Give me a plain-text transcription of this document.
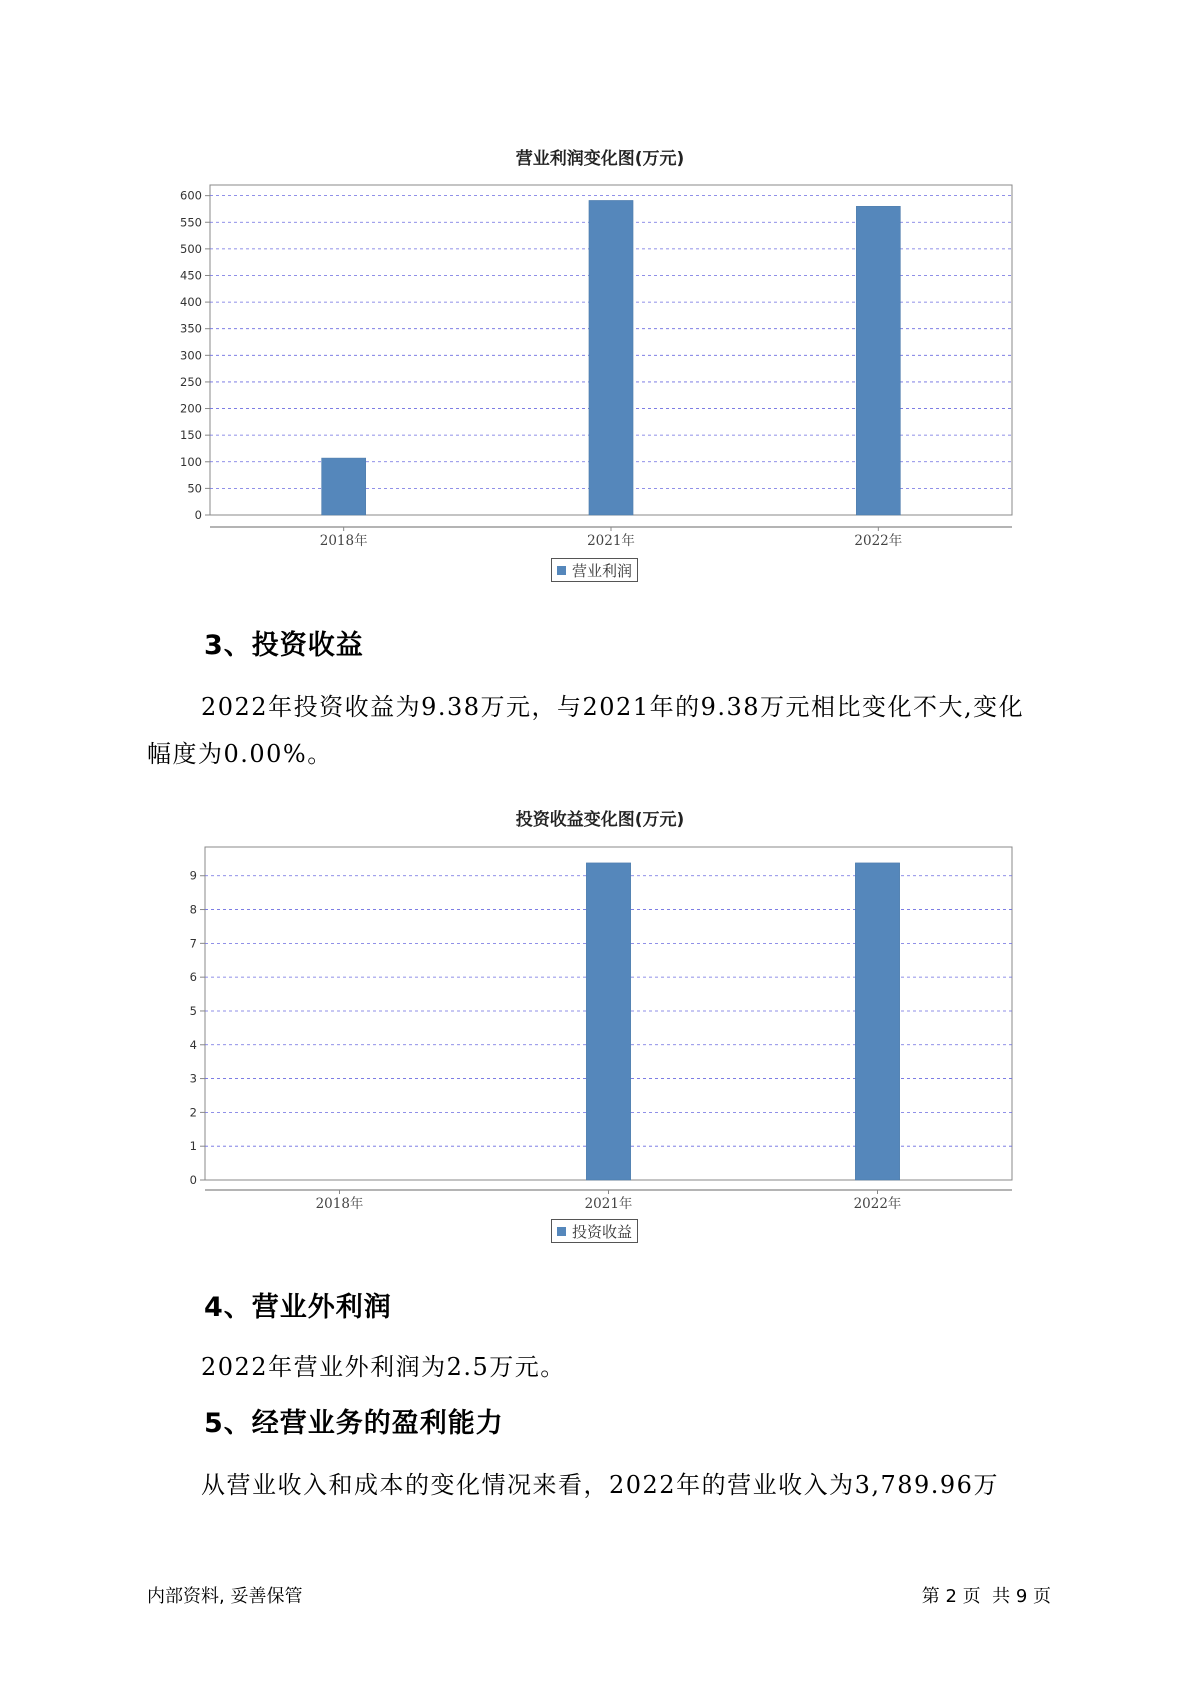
营业利润变化图(万元)
0
50
100
150
200
250
300
350
400
450
500
550
600
2018年	2021年	2022年
营业利润
3、投资收益
2022年投资收益为9.38万元，与2021年的9.38万元相比变化不大,变化
幅度为0.00%。
投资收益变化图(万元)
0
1
2
3
4
5
6
7
8
9
2018年	2021年	2022年
投资收益
4、营业外利润
2022年营业外利润为2.5万元。
5、经营业务的盈利能力
从营业收入和成本的变化情况来看，2022年的营业收入为3,789.96万
内部资料, 妥善保管	第 2 页  共 9 页
